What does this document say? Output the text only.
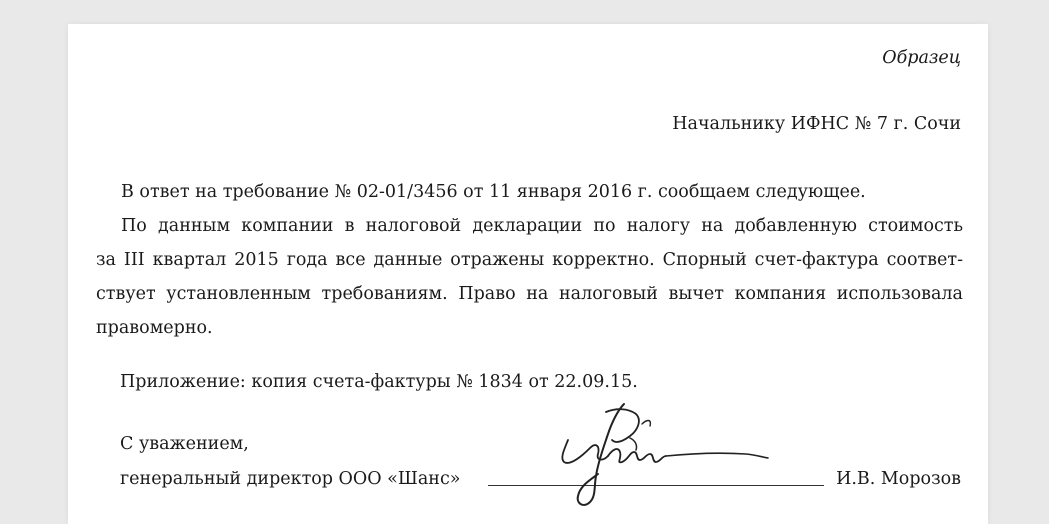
Образец
Начальнику ИФНС № 7 г. Сочи

В ответ на требование № 02-01/3456 от 11 января 2016 г. сообщаем следующее.

По данным компании в налоговой декларации по налогу на добавленную стоимость

за III квартал 2015 года все данные отражены корректно. Спорный счет-фактура соответ-

ствует установленным требованиям. Право на налоговый вычет компания использовала

правомерно.

Приложение: копия счета-фактуры № 1834 от 22.09.15.
С уважением,
генеральный директор ООО «Шанс»	И.В. Морозов
